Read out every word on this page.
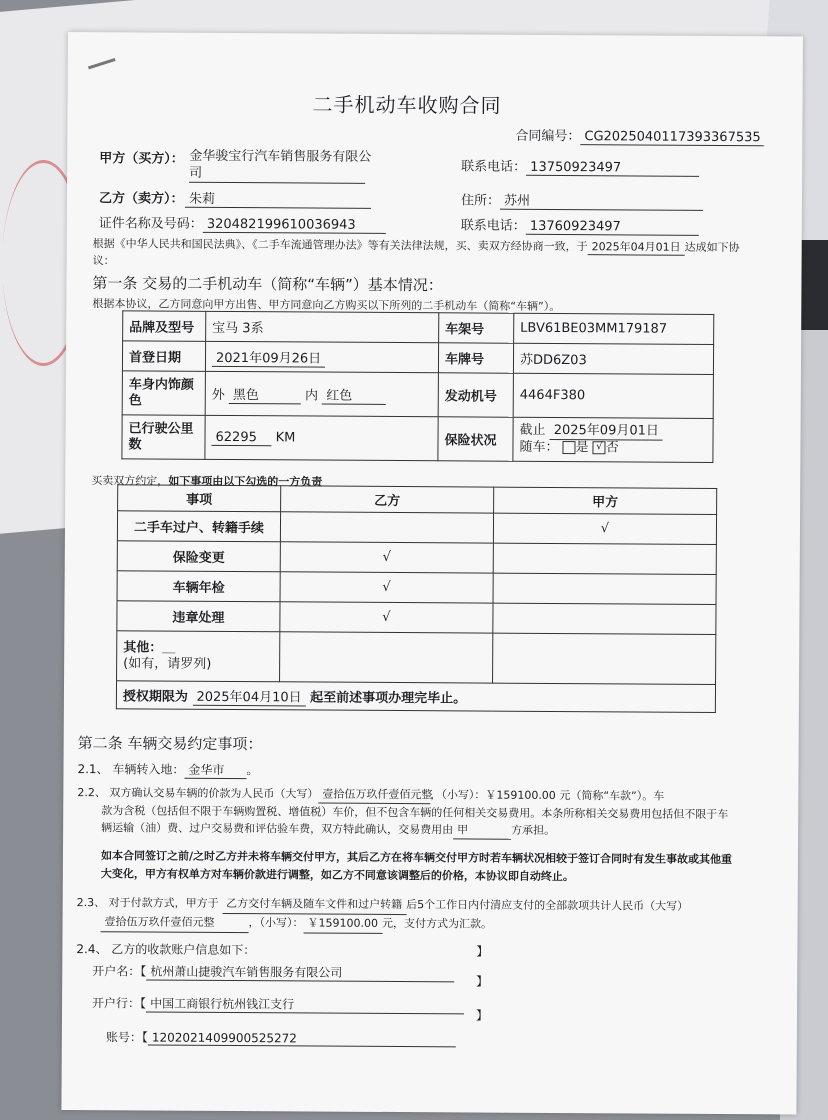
二手机动车收购合同
合同编号： CG2025040117393367535
甲方（买方）： 金华骏宝行汽车销售服务有限公
司	联系电话： 13750923497
乙方（卖方）： 朱莉	住所： 苏州
证件名称及号码： 320482199610036943	联系电话： 13760923497
根据《中华人民共和国民法典》、《二手车流通管理办法》等有关法律法规，买、卖双方经协商一致，于 2025年04月01日 达成如下协
议：
第一条 交易的二手机动车（简称“车辆”）基本情况：
根据本协议，乙方同意向甲方出售、甲方同意向乙方购买以下所列的二手机动车（简称“车辆”）。
品牌及型号	宝马 3系	车架号	LBV61BE03MM179187
首登日期	2021年09月26日	车牌号	苏DD6Z03
车身内饰颜色	外 黑色 内 红色	发动机号	4464F380
已行驶公里数	62295 KM	保险状况	截止 2025年09月01日
随车： 是 √ 否
买卖双方约定，如下事项由以下勾选的一方负责
事项	乙方	甲方
二手车过户、转籍手续		√
保险变更	√	
车辆年检	√	
违章处理	√	

其他：＿
(如有，请罗列)		

授权期限为 2025年04月10日 起至前述事项办理完毕止。		
第二条 车辆交易约定事项：
2.1、 车辆转入地： 金华市 。
2.2、 双方确认交易车辆的价款为人民币（大写） 壹拾伍万玖仟壹佰元整，（小写）：￥159100.00 元（简称“车款”）。车
款为含税（包括但不限于车辆购置税、增值税）车价，但不包含车辆的任何相关交易费用。本条所称相关交易费用包括但不限于车
辆运输（油）费、过户交易费和评估验车费，双方特此确认，交易费用由 甲	方承担。
如本合同签订之前/之时乙方并未将车辆交付甲方，其后乙方在将车辆交付甲方时若车辆状况相较于签订合同时有发生事故或其他重
大变化，甲方有权单方对车辆价款进行调整，如乙方不同意该调整后的价格，本协议即自动终止。
2.3、 对于付款方式，甲方于 乙方交付车辆及随车文件和过户转籍 后5个工作日内付清应支付的全部款项共计人民币（大写）
壹拾伍万玖仟壹佰元整	，（小写）： ￥159100.00 元，支付方式为汇款。
2.4、 乙方的收款账户信息如下：	】
开户名：【 杭州萧山捷骏汽车销售服务有限公司
】
开户行：【 中国工商银行杭州钱江支行
】
账号：【 1202021409900525272
